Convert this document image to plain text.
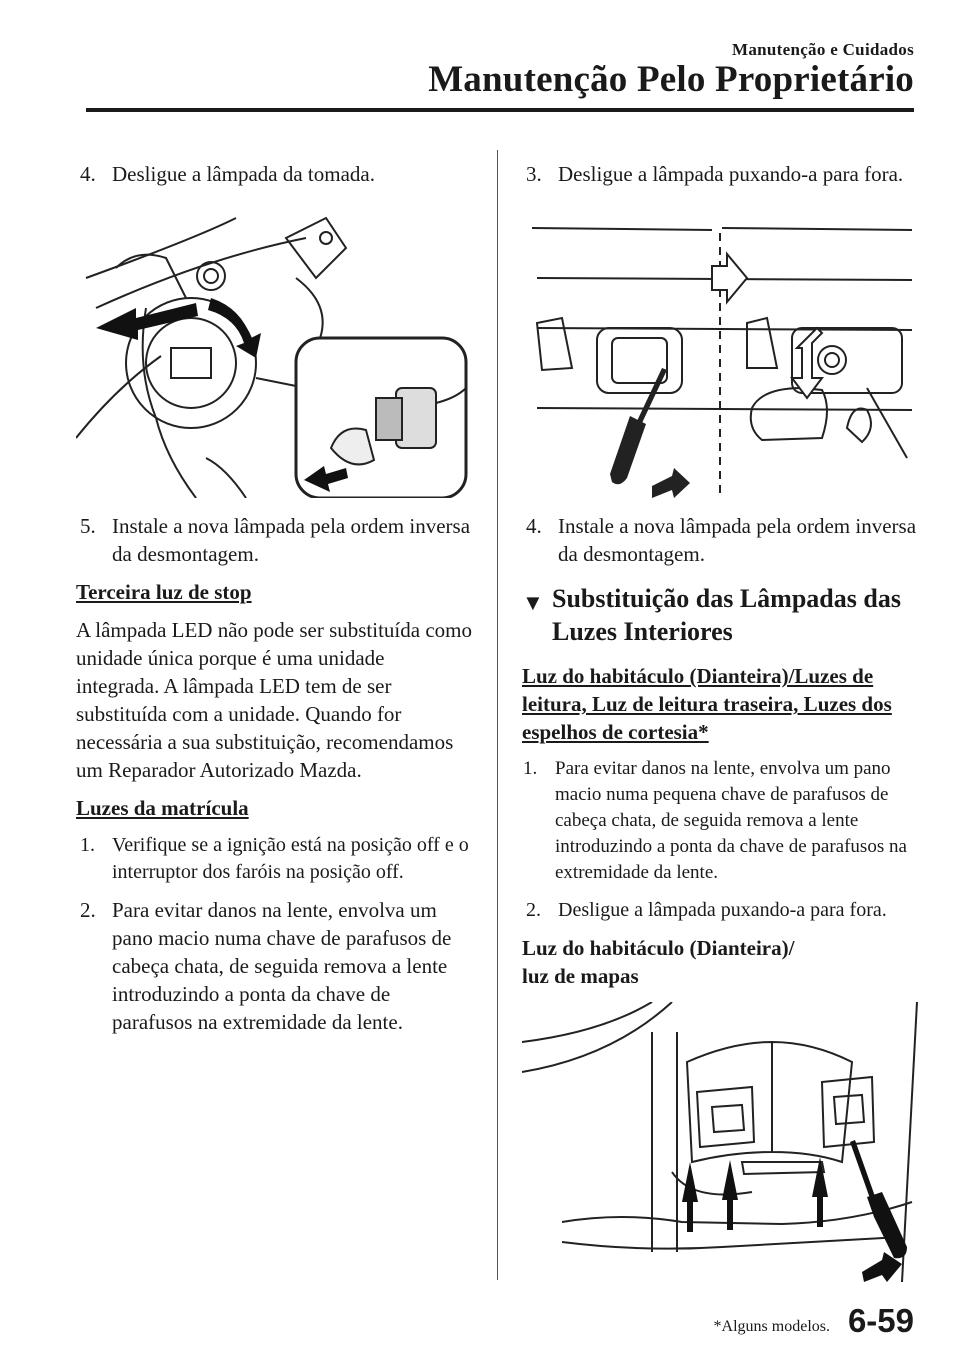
Manutenção e Cuidados
Manutenção Pelo Proprietário
4. Desligue a lâmpada da tomada.
5. Instale a nova lâmpada pela ordem inversa da desmontagem.

Terceira luz de stop

A lâmpada LED não pode ser substituída como unidade única porque é uma unidade integrada. A lâmpada LED tem de ser substituída com a unidade. Quando for necessária a sua substituição, recomendamos um Reparador Autorizado Mazda.

Luzes da matrícula

1. Verifique se a ignição está na posição off e o interruptor dos faróis na posição off.
2. Para evitar danos na lente, envolva um pano macio numa chave de parafusos de cabeça chata, de seguida remova a lente introduzindo a ponta da chave de parafusos na extremidade da lente.
3. Desligue a lâmpada puxando-a para fora.
4. Instale a nova lâmpada pela ordem inversa da desmontagem.
▼ Substituição das Lâmpadas das Luzes Interiores

Luz do habitáculo (Dianteira)/Luzes de leitura, Luz de leitura traseira, Luzes dos espelhos de cortesia*

1. Para evitar danos na lente, envolva um pano macio numa pequena chave de parafusos de cabeça chata, de seguida remova a lente introduzindo a ponta da chave de parafusos na extremidade da lente.
2. Desligue a lâmpada puxando-a para fora.

Luz do habitáculo (Dianteira)/
luz de mapas

*Alguns modelos. 6-59
